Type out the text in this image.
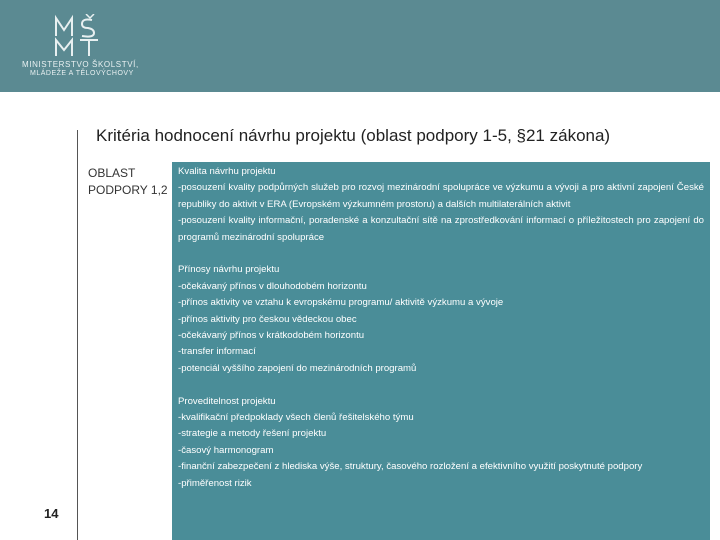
MINISTERSTVO ŠKOLSTVÍ,
MLÁDEŽE A TĚLOVÝCHOVY
Kritéria hodnocení návrhu projektu (oblast podpory 1-5, §21 zákona)
OBLAST
PODPORY 1,2
14

Kvalita návrhu projektu

-posouzení kvality podpůrných služeb pro rozvoj mezinárodní spolupráce ve výzkumu a vývoji a pro aktivní zapojení České republiky do aktivit v ERA (Evropském výzkumném prostoru) a dalších multilaterálních aktivit

-posouzení kvality informační, poradenské a konzultační sítě na zprostředkování informací o příležitostech pro zapojení do programů mezinárodní spolupráce

Přínosy návrhu projektu

-očekávaný přínos v dlouhodobém horizontu

-přínos aktivity ve vztahu k evropskému programu/ aktivitě výzkumu a vývoje

-přínos aktivity pro českou vědeckou obec

-očekávaný přínos v krátkodobém horizontu

-transfer informací

-potenciál vyššího zapojení do mezinárodních programů

Proveditelnost projektu

-kvalifikační předpoklady všech členů řešitelského týmu

-strategie a metody řešení projektu

-časový harmonogram

-finanční zabezpečení z hlediska výše, struktury, časového rozložení a efektivního využití poskytnuté podpory

-přiměřenost rizik
